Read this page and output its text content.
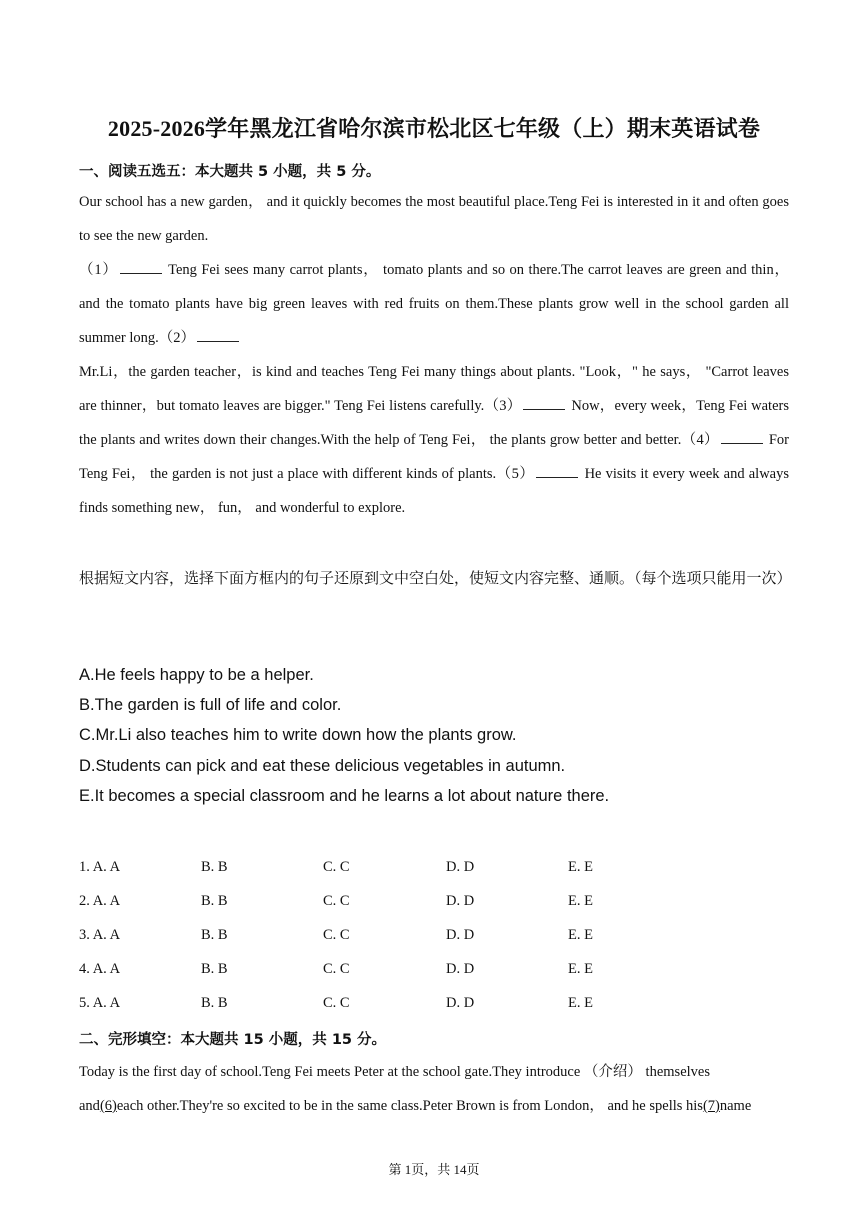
2025-2026学年黑龙江省哈尔滨市松北区七年级（上）期末英语试卷
一、阅读五选五：本大题共 5 小题，共 5 分。
Our school has a new garden， and it quickly becomes the most beautiful place.Teng Fei is interested in it and often goes to see the new garden.
（1）	Teng Fei sees many carrot plants， tomato plants and so on there.The carrot leaves are green and thin， and the tomato plants have big green leaves with red fruits on them.These plants grow well in the school garden all summer long.（2）
Mr.Li，the garden teacher，is kind and teaches Teng Fei many things about plants. "Look，" he says， "Carrot leaves are thinner，but tomato leaves are bigger." Teng Fei listens carefully.（3）	Now，every week，Teng Fei waters the plants and writes down their changes.With the help of Teng Fei， the plants grow better and better.（4）	For Teng Fei， the garden is not just a place with different kinds of plants.（5）	He visits it every week and always finds something new， fun， and wonderful to explore.
根据短文内容，选择下面方框内的句子还原到文中空白处，使短文内容完整、通顺。（每个选项只能用一次）
A.He feels happy to be a helper.
B.The garden is full of life and color.
C.Mr.Li also teaches him to write down how the plants grow.
D.Students can pick and eat these delicious vegetables in autumn.
E.It becomes a special classroom and he learns a lot about nature there.
1. A. A	B. B	C. C	D. D	E. E
2. A. A	B. B	C. C	D. D	E. E
3. A. A	B. B	C. C	D. D	E. E
4. A. A	B. B	C. C	D. D	E. E
5. A. A	B. B	C. C	D. D	E. E
二、完形填空：本大题共 15 小题，共 15 分。
Today is the first day of school.Teng Fei meets Peter at the school gate.They introduce （介绍） themselves
and(6)each other.They're so excited to be in the same class.Peter Brown is from London， and he spells his(7)name
第 1页，共 14页
